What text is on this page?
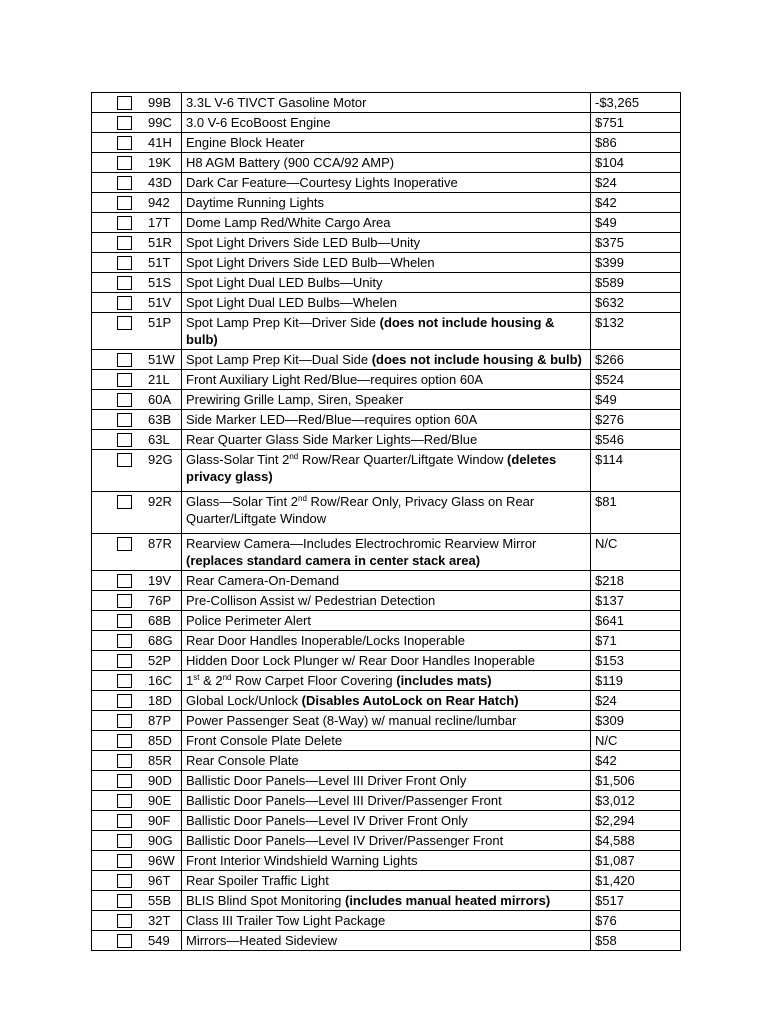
99B	3.3L V-6 TIVCT Gasoline Motor	-$3,265

99C	3.0 V-6 EcoBoost Engine	$751

41H	Engine Block Heater	$86

19K	H8 AGM Battery (900 CCA/92 AMP)	$104

43D	Dark Car Feature—Courtesy Lights Inoperative	$24

942	Daytime Running Lights	$42

17T	Dome Lamp Red/White Cargo Area	$49

51R	Spot Light Drivers Side LED Bulb—Unity	$375

51T	Spot Light Drivers Side LED Bulb—Whelen	$399

51S	Spot Light Dual LED Bulbs—Unity	$589

51V	Spot Light Dual LED Bulbs—Whelen	$632

51P	Spot Lamp Prep Kit—Driver Side (does not include housing & bulb)	$132

51W	Spot Lamp Prep Kit—Dual Side (does not include housing & bulb)	$266

21L	Front Auxiliary Light Red/Blue—requires option 60A	$524

60A	Prewiring Grille Lamp, Siren, Speaker	$49

63B	Side Marker LED—Red/Blue—requires option 60A	$276

63L	Rear Quarter Glass Side Marker Lights—Red/Blue	$546

92G	Glass-Solar Tint 2nd Row/Rear Quarter/Liftgate Window (deletes privacy glass)	$114

92R	Glass—Solar Tint 2nd Row/Rear Only, Privacy Glass on Rear Quarter/Liftgate Window	$81

87R	Rearview Camera—Includes Electrochromic Rearview Mirror (replaces standard camera in center stack area)	N/C

19V	Rear Camera-On-Demand	$218

76P	Pre-Collison Assist w/ Pedestrian Detection	$137

68B	Police Perimeter Alert	$641

68G	Rear Door Handles Inoperable/Locks Inoperable	$71

52P	Hidden Door Lock Plunger w/ Rear Door Handles Inoperable	$153

16C	1st & 2nd Row Carpet Floor Covering (includes mats)	$119

18D	Global Lock/Unlock (Disables AutoLock on Rear Hatch)	$24

87P	Power Passenger Seat (8-Way) w/ manual recline/lumbar	$309

85D	Front Console Plate Delete	N/C

85R	Rear Console Plate	$42

90D	Ballistic Door Panels—Level III Driver Front Only	$1,506

90E	Ballistic Door Panels—Level III Driver/Passenger Front	$3,012

90F	Ballistic Door Panels—Level IV Driver Front Only	$2,294

90G	Ballistic Door Panels—Level IV Driver/Passenger Front	$4,588

96W	Front Interior Windshield Warning Lights	$1,087

96T	Rear Spoiler Traffic Light	$1,420

55B	BLIS Blind Spot Monitoring (includes manual heated mirrors)	$517

32T	Class III Trailer Tow Light Package	$76

549	Mirrors—Heated Sideview	$58
